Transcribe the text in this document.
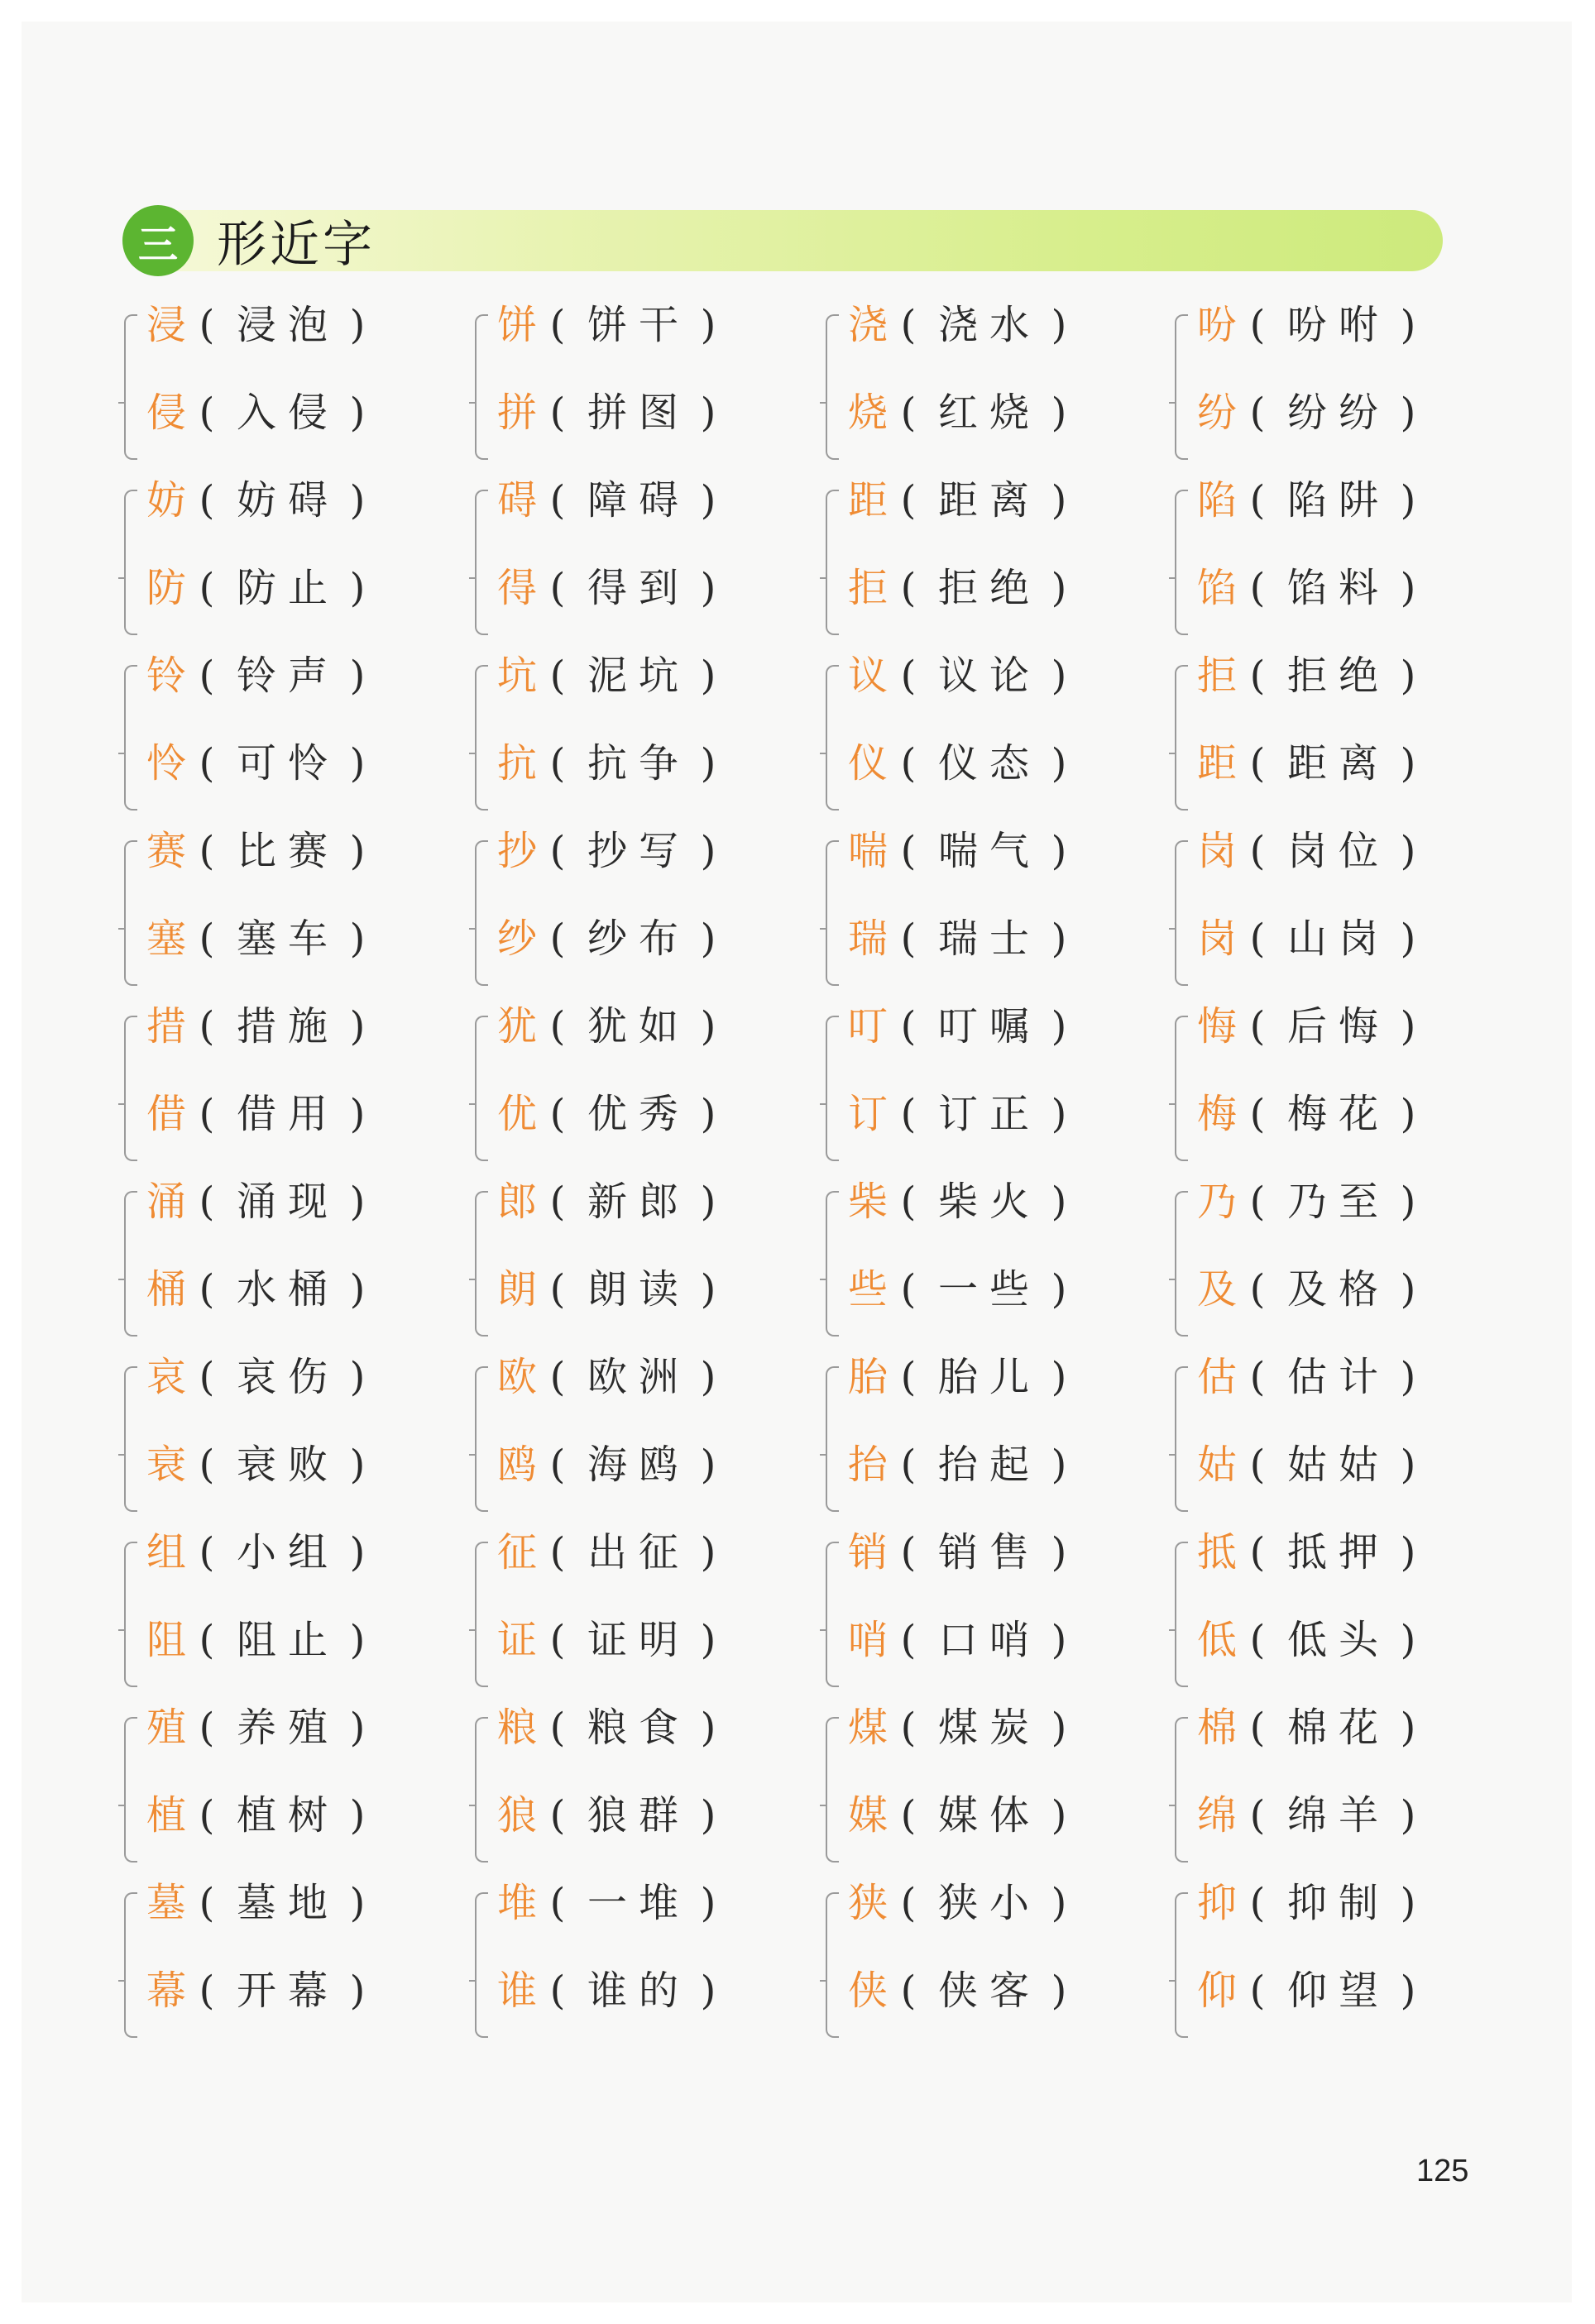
三 形近字
浸 ( 浸泡 )
侵 ( 入侵 )
饼 ( 饼干 )
拼 ( 拼图 )
浇 ( 浇水 )
烧 ( 红烧 )
吩 ( 吩咐 )
纷 ( 纷纷 )
妨 ( 妨碍 )
防 ( 防止 )
碍 ( 障碍 )
得 ( 得到 )
距 ( 距离 )
拒 ( 拒绝 )
陷 ( 陷阱 )
馅 ( 馅料 )
铃 ( 铃声 )
怜 ( 可怜 )
坑 ( 泥坑 )
抗 ( 抗争 )
议 ( 议论 )
仪 ( 仪态 )
拒 ( 拒绝 )
距 ( 距离 )
赛 ( 比赛 )
塞 ( 塞车 )
抄 ( 抄写 )
纱 ( 纱布 )
喘 ( 喘气 )
瑞 ( 瑞士 )
岗 ( 岗位 )
岗 ( 山岗 )
措 ( 措施 )
借 ( 借用 )
犹 ( 犹如 )
优 ( 优秀 )
叮 ( 叮嘱 )
订 ( 订正 )
悔 ( 后悔 )
梅 ( 梅花 )
涌 ( 涌现 )
桶 ( 水桶 )
郎 ( 新郎 )
朗 ( 朗读 )
柴 ( 柴火 )
些 ( 一些 )
乃 ( 乃至 )
及 ( 及格 )
哀 ( 哀伤 )
衰 ( 衰败 )
欧 ( 欧洲 )
鸥 ( 海鸥 )
胎 ( 胎儿 )
抬 ( 抬起 )
估 ( 估计 )
姑 ( 姑姑 )
组 ( 小组 )
阻 ( 阻止 )
征 ( 出征 )
证 ( 证明 )
销 ( 销售 )
哨 ( 口哨 )
抵 ( 抵押 )
低 ( 低头 )
殖 ( 养殖 )
植 ( 植树 )
粮 ( 粮食 )
狼 ( 狼群 )
煤 ( 煤炭 )
媒 ( 媒体 )
棉 ( 棉花 )
绵 ( 绵羊 )
墓 ( 墓地 )
幕 ( 开幕 )
堆 ( 一堆 )
谁 ( 谁的 )
狭 ( 狭小 )
侠 ( 侠客 )
抑 ( 抑制 )
仰 ( 仰望 )
125
